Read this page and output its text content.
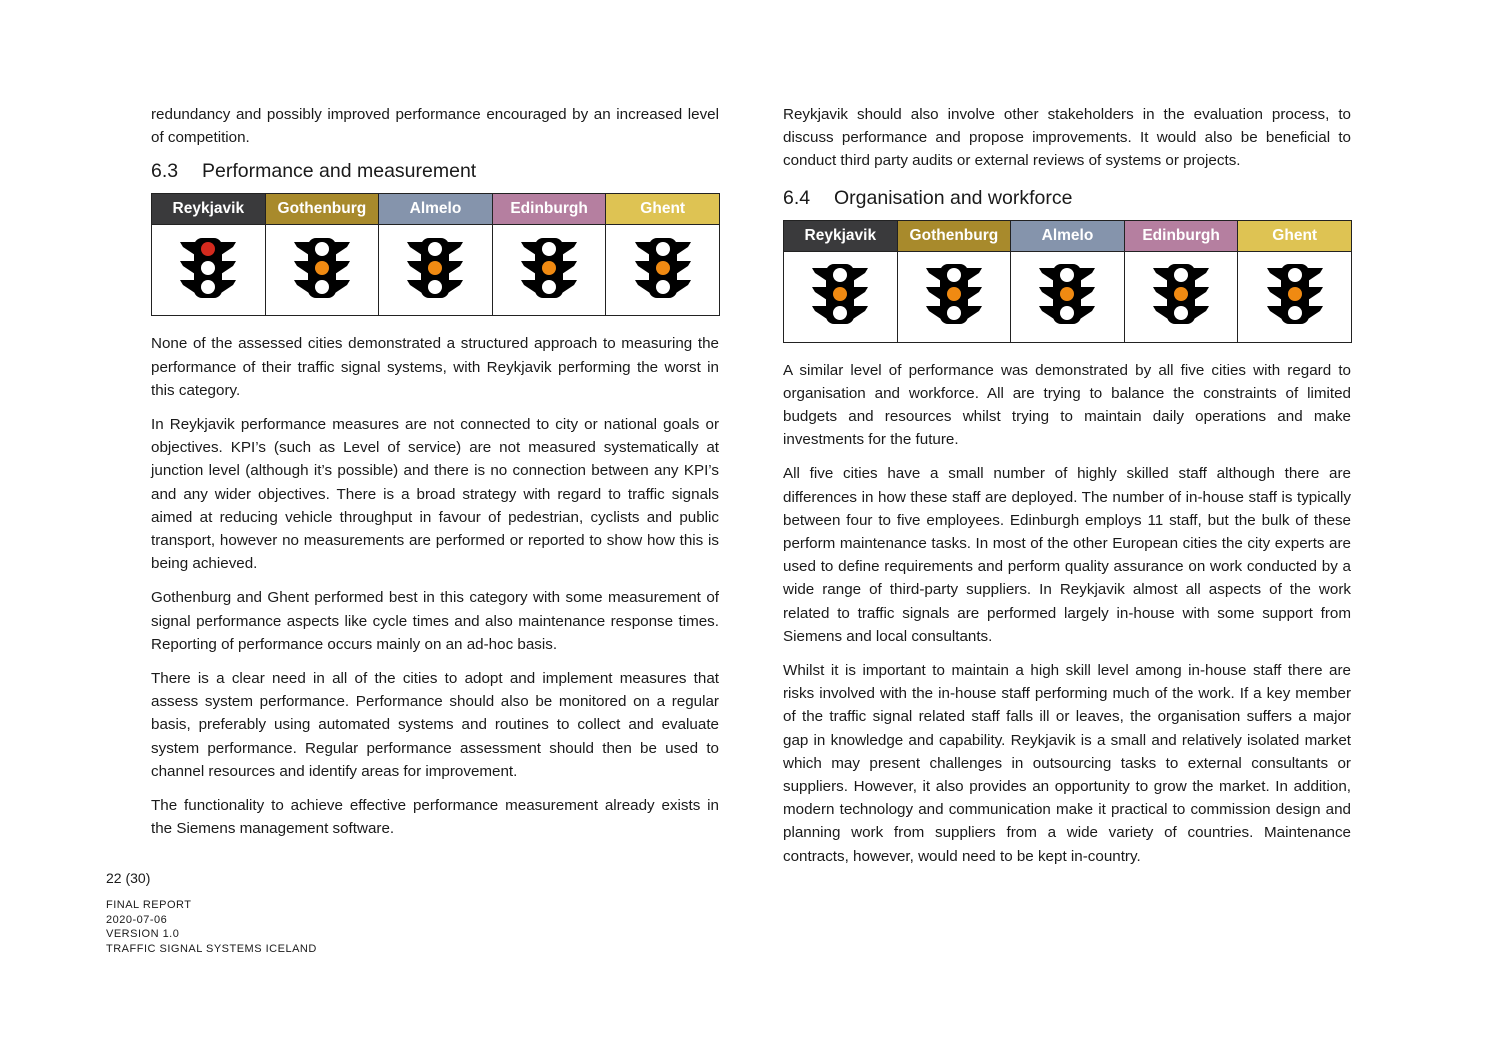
redundancy and possibly improved performance encouraged by an increased level of competition.

6.3	Performance and measurement
Reykjavik	Gothenburg	Almelo	Edinburgh	Ghent

None of the assessed cities demonstrated a structured approach to measuring the performance of their traffic signal systems, with Reykjavik performing the worst in this category.

In Reykjavik performance measures are not connected to city or national goals or objectives. KPI’s (such as Level of service) are not measured systematically at junction level (although it’s possible) and there is no connection between any KPI’s and any wider objectives. There is a broad strategy with regard to traffic signals aimed at reducing vehicle throughput in favour of pedestrian, cyclists and public transport, however no measurements are performed or reported to show how this is being achieved.

Gothenburg and Ghent performed best in this category with some measurement of signal performance aspects like cycle times and also maintenance response times. Reporting of performance occurs mainly on an ad-hoc basis.

There is a clear need in all of the cities to adopt and implement measures that assess system performance. Performance should also be monitored on a regular basis, preferably using automated systems and routines to collect and evaluate system performance. Regular performance assessment should then be used to channel resources and identify areas for improvement.

The functionality to achieve effective performance measurement already exists in the Siemens management software.

Reykjavik should also involve other stakeholders in the evaluation process, to discuss performance and propose improvements. It would also be beneficial to conduct third party audits or external reviews of systems or projects.

6.4	Organisation and workforce
Reykjavik	Gothenburg	Almelo	Edinburgh	Ghent

A similar level of performance was demonstrated by all five cities with regard to organisation and workforce. All are trying to balance the constraints of limited budgets and resources whilst trying to maintain daily operations and make investments for the future.

All five cities have a small number of highly skilled staff although there are differences in how these staff are deployed. The number of in-house staff is typically between four to five employees. Edinburgh employs 11 staff, but the bulk of these perform maintenance tasks. In most of the other European cities the city experts are used to define requirements and perform quality assurance on work conducted by a wide range of third-party suppliers. In Reykjavik almost all aspects of the work related to traffic signals are performed largely in-house with some support from Siemens and local consultants.

Whilst it is important to maintain a high skill level among in-house staff there are risks involved with the in-house staff performing much of the work. If a key member of the traffic signal related staff falls ill or leaves, the organisation suffers a major gap in knowledge and capability. Reykjavik is a small and relatively isolated market which may present challenges in outsourcing tasks to external consultants or suppliers. However, it also provides an opportunity to grow the market. In addition, modern technology and communication make it practical to commission design and planning work from suppliers from a wide variety of countries. Maintenance contracts, however, would need to be kept in-country.

22 (30)
FINAL REPORT
2020-07-06
VERSION 1.0
TRAFFIC SIGNAL SYSTEMS ICELAND
